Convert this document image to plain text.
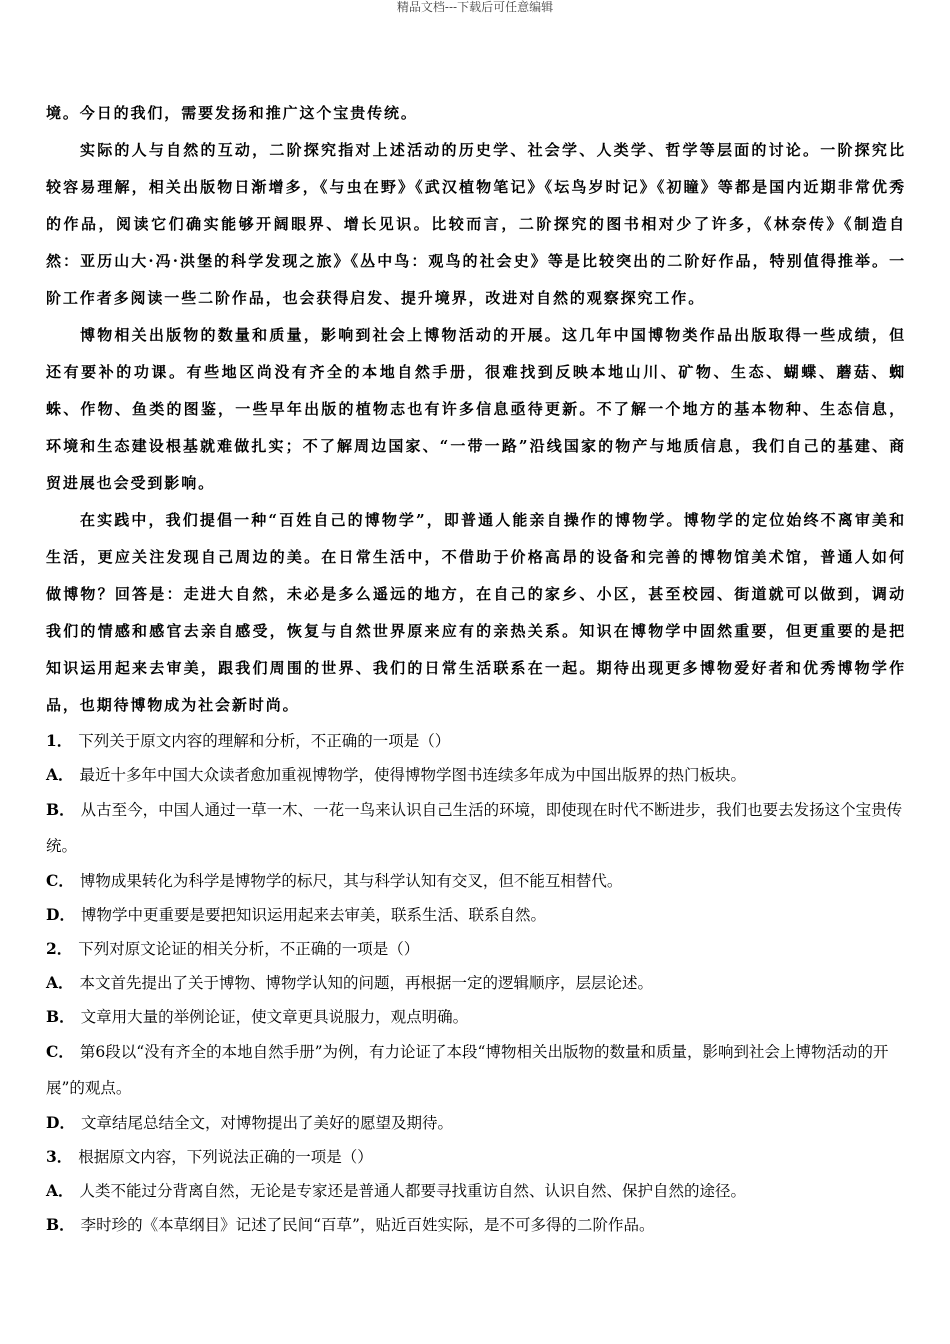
精品文档---下载后可任意编辑

境。今日的我们，需要发扬和推广这个宝贵传统。

实际的人与自然的互动，二阶探究指对上述活动的历史学、社会学、人类学、哲学等层面的讨论。一阶探究比较容易理解，相关出版物日渐增多，《与虫在野》《武汉植物笔记》《坛鸟岁时记》《初瞳》等都是国内近期非常优秀的作品，阅读它们确实能够开阔眼界、增长见识。比较而言，二阶探究的图书相对少了许多，《林奈传》《制造自然：亚历山大·冯·洪堡的科学发现之旅》《丛中鸟：观鸟的社会史》等是比较突出的二阶好作品，特别值得推举。一阶工作者多阅读一些二阶作品，也会获得启发、提升境界，改进对自然的观察探究工作。

博物相关出版物的数量和质量，影响到社会上博物活动的开展。这几年中国博物类作品出版取得一些成绩，但还有要补的功课。有些地区尚没有齐全的本地自然手册，很难找到反映本地山川、矿物、生态、蝴蝶、蘑菇、蜘蛛、作物、鱼类的图鉴，一些早年出版的植物志也有许多信息亟待更新。不了解一个地方的基本物种、生态信息，环境和生态建设根基就难做扎实；不了解周边国家、“一带一路”沿线国家的物产与地质信息，我们自己的基建、商贸进展也会受到影响。

在实践中，我们提倡一种“百姓自己的博物学”，即普通人能亲自操作的博物学。博物学的定位始终不离审美和生活，更应关注发现自己周边的美。在日常生活中，不借助于价格高昂的设备和完善的博物馆美术馆，普通人如何做博物？回答是：走进大自然，未必是多么遥远的地方，在自己的家乡、小区，甚至校园、街道就可以做到，调动我们的情感和感官去亲自感受，恢复与自然世界原来应有的亲热关系。知识在博物学中固然重要，但更重要的是把知识运用起来去审美，跟我们周围的世界、我们的日常生活联系在一起。期待出现更多博物爱好者和优秀博物学作品，也期待博物成为社会新时尚。

1． 下列关于原文内容的理解和分析，不正确的一项是（）

A． 最近十多年中国大众读者愈加重视博物学，使得博物学图书连续多年成为中国出版界的热门板块。

B． 从古至今，中国人通过一草一木、一花一鸟来认识自己生活的环境，即使现在时代不断进步，我们也要去发扬这个宝贵传统。

C． 博物成果转化为科学是博物学的标尺，其与科学认知有交叉，但不能互相替代。

D． 博物学中更重要是要把知识运用起来去审美，联系生活、联系自然。

2． 下列对原文论证的相关分析，不正确的一项是（）

A． 本文首先提出了关于博物、博物学认知的问题，再根据一定的逻辑顺序，层层论述。

B． 文章用大量的举例论证，使文章更具说服力，观点明确。

C． 第6段以“没有齐全的本地自然手册”为例，有力论证了本段“博物相关出版物的数量和质量，影响到社会上博物活动的开展”的观点。

D． 文章结尾总结全文，对博物提出了美好的愿望及期待。

3． 根据原文内容，下列说法正确的一项是（）

A． 人类不能过分背离自然，无论是专家还是普通人都要寻找重访自然、认识自然、保护自然的途径。

B． 李时珍的《本草纲目》记述了民间“百草”，贴近百姓实际，是不可多得的二阶作品。
